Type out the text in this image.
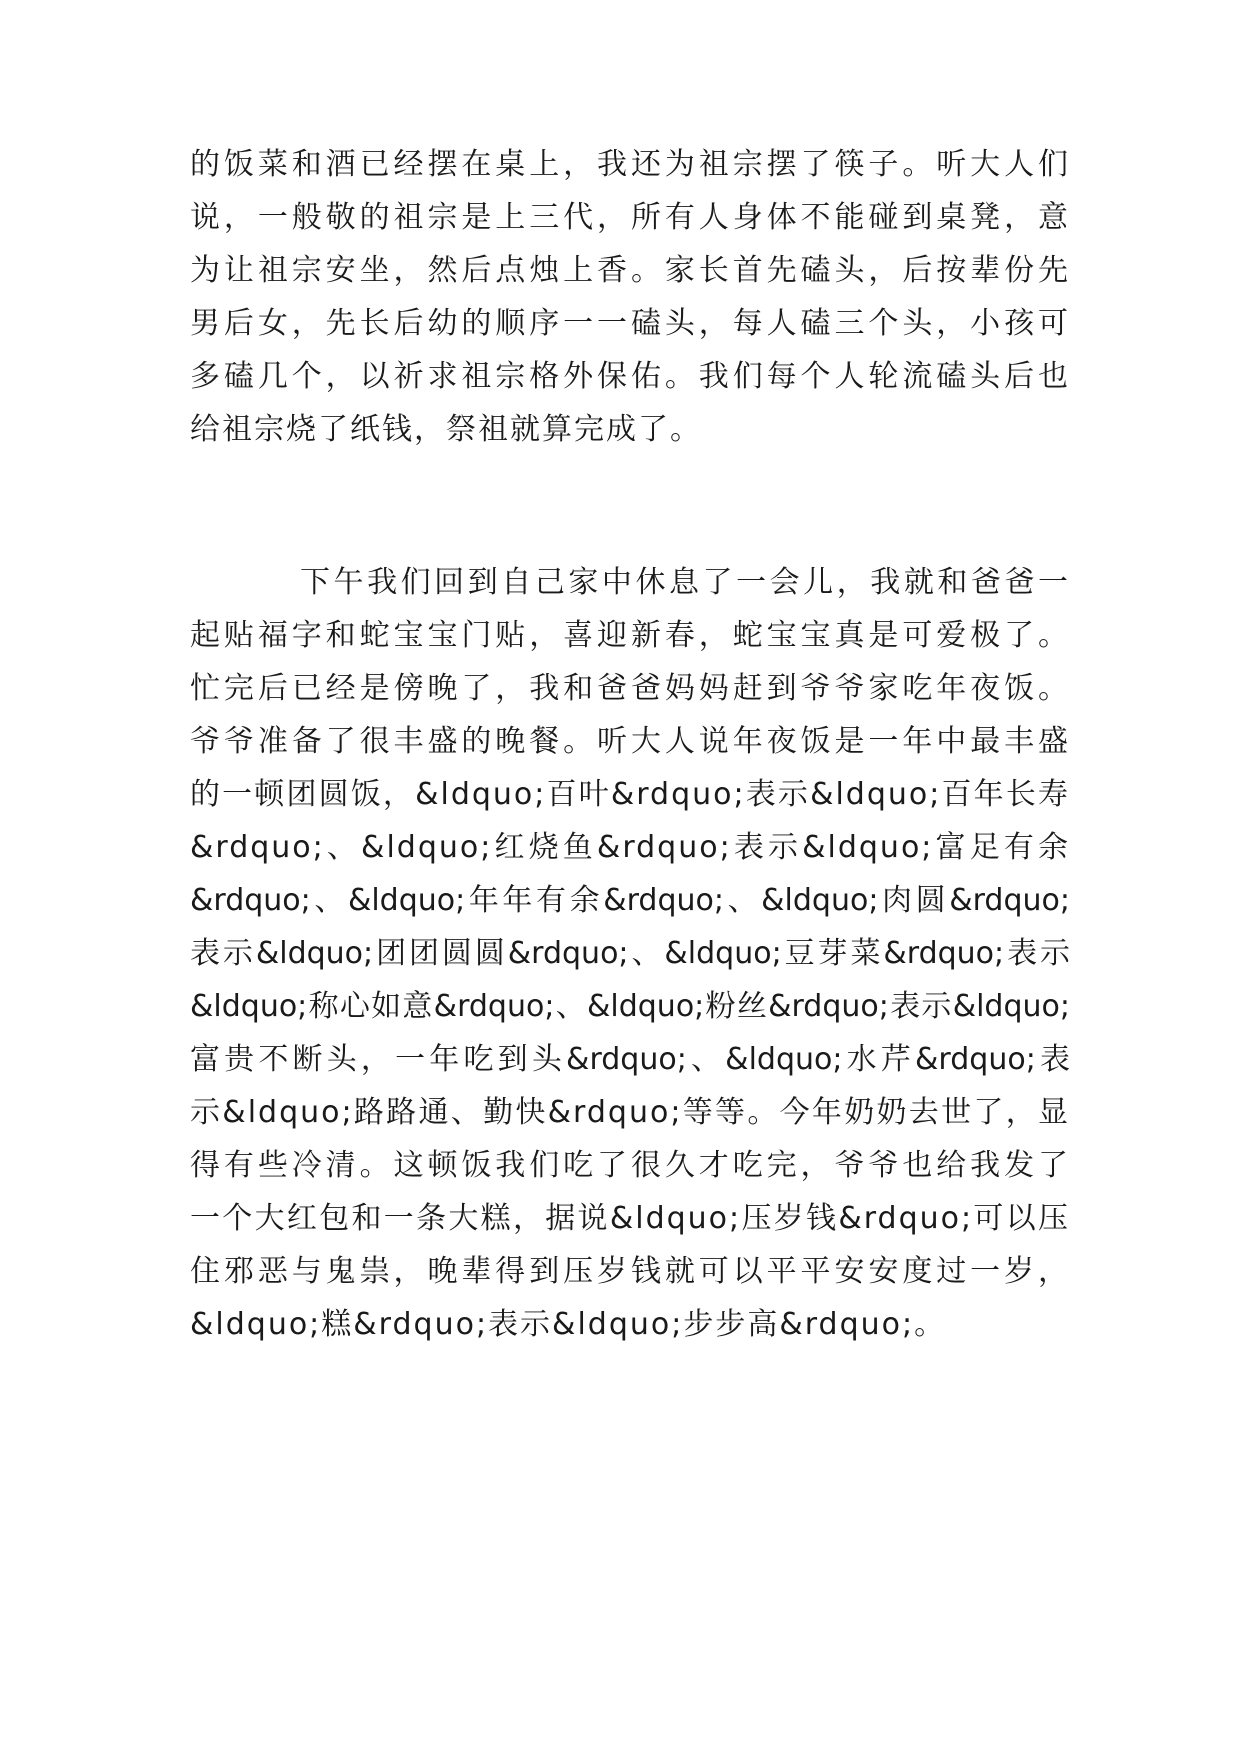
的饭菜和酒已经摆在桌上，我还为祖宗摆了筷子。听大人们
说，一般敬的祖宗是上三代，所有人身体不能碰到桌凳，意
为让祖宗安坐，然后点烛上香。家长首先磕头，后按辈份先
男后女，先长后幼的顺序一一磕头，每人磕三个头，小孩可
多磕几个，以祈求祖宗格外保佑。我们每个人轮流磕头后也
给祖宗烧了纸钱，祭祖就算完成了。
下午我们回到自己家中休息了一会儿，我就和爸爸一
起贴福字和蛇宝宝门贴，喜迎新春，蛇宝宝真是可爱极了。
忙完后已经是傍晚了，我和爸爸妈妈赶到爷爷家吃年夜饭。
爷爷准备了很丰盛的晚餐。听大人说年夜饭是一年中最丰盛
的一顿团圆饭，&ldquo;百叶&rdquo;表示&ldquo;百年长寿
&rdquo;、&ldquo;红烧鱼&rdquo;表示&ldquo;富足有余
&rdquo;、&ldquo;年年有余&rdquo;、&ldquo;肉圆&rdquo;
表示&ldquo;团团圆圆&rdquo;、&ldquo;豆芽菜&rdquo;表示
&ldquo;称心如意&rdquo;、&ldquo;粉丝&rdquo;表示&ldquo;
富贵不断头，一年吃到头&rdquo;、&ldquo;水芹&rdquo;表
示&ldquo;路路通、勤快&rdquo;等等。今年奶奶去世了，显
得有些冷清。这顿饭我们吃了很久才吃完，爷爷也给我发了
一个大红包和一条大糕，据说&ldquo;压岁钱&rdquo;可以压
住邪恶与鬼祟，晚辈得到压岁钱就可以平平安安度过一岁，
&ldquo;糕&rdquo;表示&ldquo;步步高&rdquo;。
